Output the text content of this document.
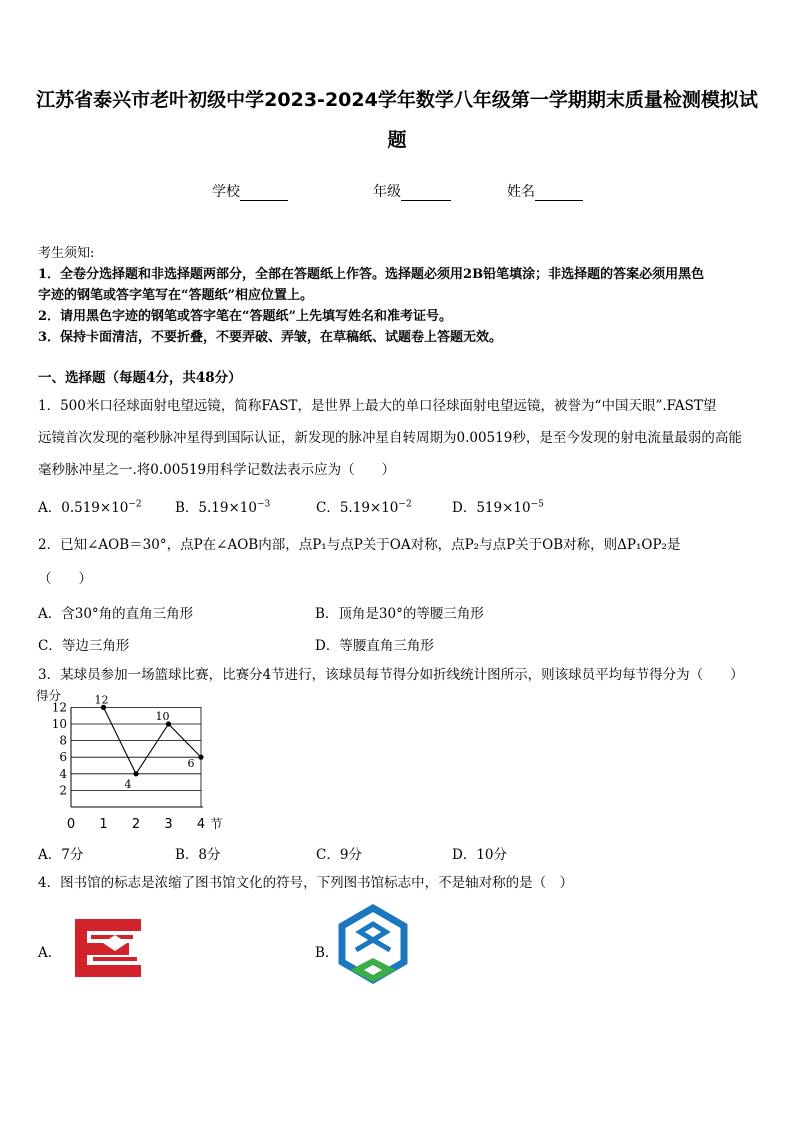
江苏省泰兴市老叶初级中学2023-2024学年数学八年级第一学期期末质量检测模拟试
题
学校	年级	姓名
考生须知:
1．全卷分选择题和非选择题两部分，全部在答题纸上作答。选择题必须用2B铅笔填涂；非选择题的答案必须用黑色
字迹的钢笔或答字笔写在“答题纸”相应位置上。
2．请用黑色字迹的钢笔或答字笔在“答题纸”上先填写姓名和准考证号。
3．保持卡面清洁，不要折叠，不要弄破、弄皱，在草稿纸、试题卷上答题无效。
一、选择题（每题4分，共48分）
1．500米口径球面射电望远镜，简称FAST，是世界上最大的单口径球面射电望远镜，被誉为“中国天眼”.FAST望
远镜首次发现的毫秒脉冲星得到国际认证，新发现的脉冲星自转周期为0.00519秒，是至今发现的射电流量最弱的高能
毫秒脉冲星之一.将0.00519用科学记数法表示应为（　　）
A．$0.519\times 10^{-2}$ B．$5.19\times 10^{-3}$	C．$5.19\times 10^{-2}$	D．$519\times 10^{-5}$
2．已知∠AOB＝30°，点P在∠AOB内部，点P₁与点P关于OA对称，点P₂与点P关于OB对称，则ΔP₁OP₂是
（　　）
A．含30°角的直角三角形	B．顶角是30°的等腰三角形
C．等边三角形	D．等腰直角三角形
3．某球员参加一场篮球比赛，比赛分4节进行，该球员每节得分如折线统计图所示，则该球员平均每节得分为（　　）
2
4
6
8
10
12
0 1 2 3 4
得分
节
12
4
10
6
A．7分	B．8分	C．9分	D．10分
4．图书馆的标志是浓缩了图书馆文化的符号，下列图书馆标志中，不是轴对称的是（　）
A．	B．
